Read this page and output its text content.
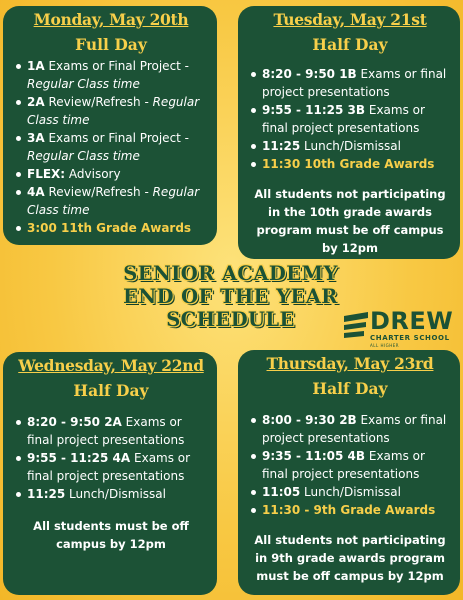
Monday, May 20th
Full Day
1A Exams or Final Project - Regular Class time
2A Review/Refresh - Regular Class time
3A Exams or Final Project - Regular Class time
FLEX: Advisory
4A Review/Refresh - Regular Class time
3:00 11th Grade Awards
Tuesday, May 21st
Half Day
8:20 - 9:50 1B Exams or final project presentations
9:55 - 11:25 3B Exams or final project presentations
11:25 Lunch/Dismissal
11:30 10th Grade Awards
All students not participating in the 10th grade awards program must be off campus by 12pm
SENIOR ACADEMY
END OF THE YEAR
SCHEDULE	DREW
CHARTER SCHOOL
ALL HIGHER
Wednesday, May 22nd
Half Day
8:20 - 9:50 2A Exams or final project presentations
9:55 - 11:25 4A Exams or final project presentations
11:25 Lunch/Dismissal
All students must be off campus by 12pm
Thursday, May 23rd
Half Day
8:00 - 9:30 2B Exams or final project presentations
9:35 - 11:05 4B Exams or final project presentations
11:05 Lunch/Dismissal
11:30 - 9th Grade Awards
All students not participating in 9th grade awards program must be off campus by 12pm
